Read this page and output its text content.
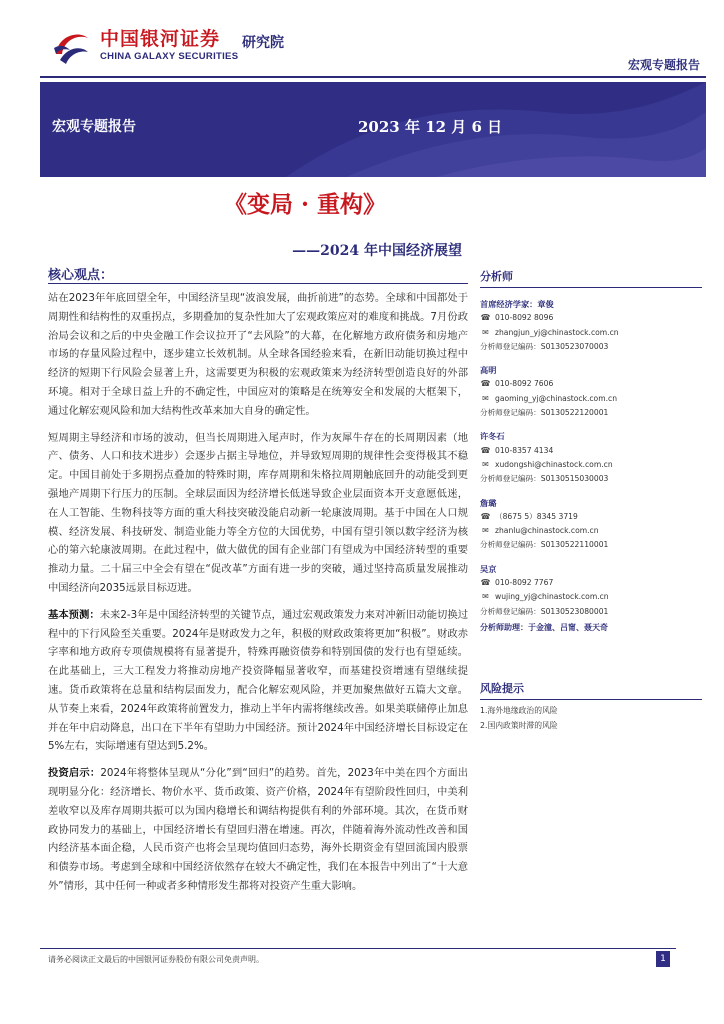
中国银河证券 研究院
CHINA GALAXY SECURITIES
宏观专题报告
宏观专题报告	2023 年 12 月 6 日
《变局 · 重构》
——2024 年中国经济展望
核心观点：

站在2023年年底回望全年，中国经济呈现“波浪发展，曲折前进”的态势。全球和中国都处于周期性和结构性的双重拐点，多期叠加的复杂性加大了宏观政策应对的难度和挑战。7月份政治局会议和之后的中央金融工作会议拉开了“去风险”的大幕，在化解地方政府债务和房地产市场的存量风险过程中，逐步建立长效机制。从全球各国经验来看，在新旧动能切换过程中经济的短期下行风险会显著上升，这需要更为积极的宏观政策来为经济转型创造良好的外部环境。相对于全球日益上升的不确定性，中国应对的策略是在统筹安全和发展的大框架下，通过化解宏观风险和加大结构性改革来加大自身的确定性。

短周期主导经济和市场的波动，但当长周期进入尾声时，作为灰犀牛存在的长周期因素（地产、债务、人口和技术进步）会逐步占据主导地位，并导致短周期的规律性会变得极其不稳定。中国目前处于多期拐点叠加的特殊时期，库存周期和朱格拉周期触底回升的动能受到更强地产周期下行压力的压制。全球层面因为经济增长低迷导致企业层面资本开支意愿低迷，在人工智能、生物科技等方面的重大科技突破没能启动新一轮康波周期。基于中国在人口规模、经济发展、科技研发、制造业能力等全方位的大国优势，中国有望引领以数字经济为核心的第六轮康波周期。在此过程中，做大做优的国有企业部门有望成为中国经济转型的重要推动力量。二十届三中全会有望在“促改革”方面有进一步的突破，通过坚持高质量发展推动中国经济向2035远景目标迈进。

基本预测：未来2-3年是中国经济转型的关键节点，通过宏观政策发力来对冲新旧动能切换过程中的下行风险至关重要。2024年是财政发力之年，积极的财政政策将更加“积极”。财政赤字率和地方政府专项债规模将有显著提升，特殊再融资债券和特别国债的发行也有望延续。在此基础上，三大工程发力将推动房地产投资降幅显著收窄，而基建投资增速有望继续提速。货币政策将在总量和结构层面发力，配合化解宏观风险，并更加聚焦做好五篇大文章。从节奏上来看，2024年政策将前置发力，推动上半年内需将继续改善。如果美联储停止加息并在年中启动降息，出口在下半年有望助力中国经济。预计2024年中国经济增长目标设定在5%左右，实际增速有望达到5.2%。

投资启示：2024年将整体呈现从“分化”到“回归”的趋势。首先，2023年中美在四个方面出现明显分化：经济增长、物价水平、货币政策、资产价格，2024年有望阶段性回归，中美利差收窄以及库存周期共振可以为国内稳增长和调结构提供有利的外部环境。其次，在货币财政协同发力的基础上，中国经济增长有望回归潜在增速。再次，伴随着海外流动性改善和国内经济基本面企稳，人民币资产也将会呈现均值回归态势，海外长期资金有望回流国内股票和债券市场。考虑到全球和中国经济依然存在较大不确定性，我们在本报告中列出了“十大意外”情形，其中任何一种或者多种情形发生都将对投资产生重大影响。

分析师
首席经济学家：章俊
☎ 010-8092 8096
✉ zhangjun_yj@chinastock.com.cn
分析师登记编码：S0130523070003
高明
☎ 010-8092 7606
✉ gaoming_yj@chinastock.com.cn
分析师登记编码：S0130522120001
许冬石
☎ 010-8357 4134
✉ xudongshi@chinastock.com.cn
分析师登记编码：S0130515030003
詹璐
☎ （8675 5）8345 3719
✉ zhanlu@chinastock.com.cn
分析师登记编码：S0130522110001
吴京
☎ 010-8092 7767
✉ wujing_yj@chinastock.com.cn
分析师登记编码：S0130523080001
分析师助理：于金潼、吕甯、聂天奇
风险提示
1.海外地缘政治的风险
2.国内政策时滞的风险
请务必阅读正文最后的中国银河证券股份有限公司免责声明。	1
